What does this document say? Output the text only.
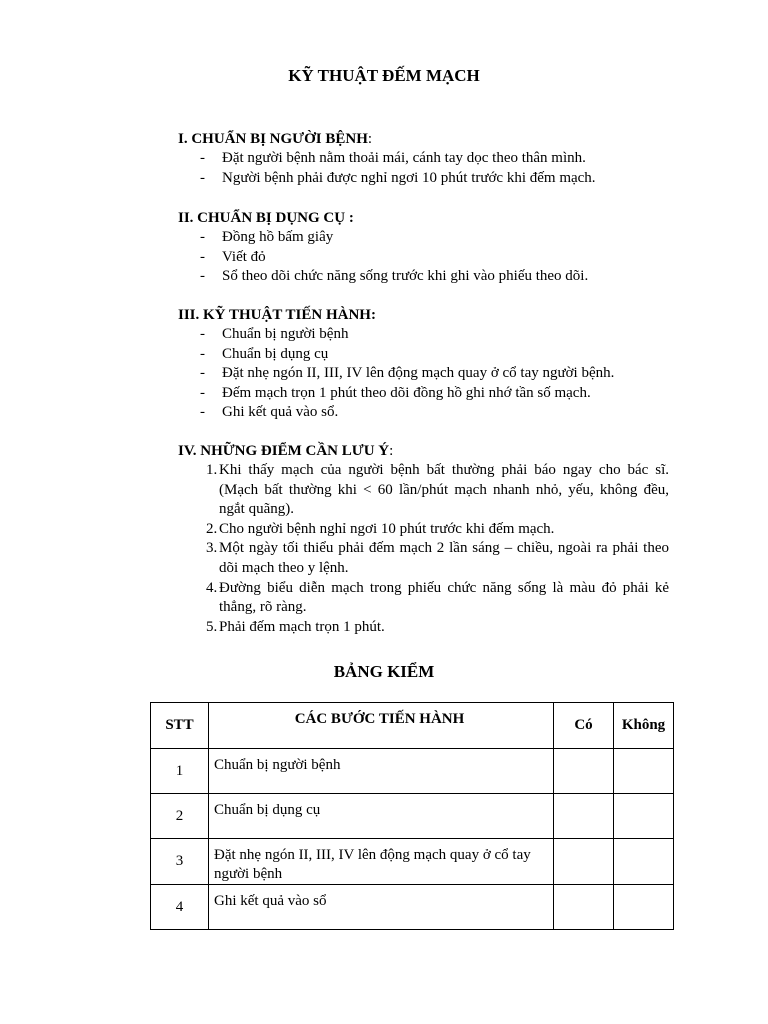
KỸ THUẬT ĐẾM MẠCH
I. CHUẨN BỊ NGƯỜI BỆNH:
- Đặt người bệnh nằm thoải mái, cánh tay dọc theo thân mình.
- Người bệnh phải được nghỉ ngơi 10 phút trước khi đếm mạch.
II. CHUẨN BỊ DỤNG CỤ :
- Đồng hồ bấm giây
- Viết đỏ
- Sổ theo dõi chức năng sống trước khi ghi vào phiếu theo dõi.
III. KỸ THUẬT TIẾN HÀNH:
- Chuẩn bị người bệnh
- Chuẩn bị dụng cụ
- Đặt nhẹ ngón II, III, IV lên động mạch quay ở cổ tay người bệnh.
- Đếm mạch trọn 1 phút theo dõi đồng hồ ghi nhớ tần số mạch.
- Ghi kết quả vào sổ.
IV. NHỮNG ĐIỂM CẦN LƯU Ý:
1. Khi thấy mạch của người bệnh bất thường phải báo ngay cho bác sĩ. (Mạch bất thường khi < 60 lần/phút mạch nhanh nhỏ, yếu, không đều, ngắt quãng).
2. Cho người bệnh nghỉ ngơi 10 phút trước khi đếm mạch.
3. Một ngày tối thiểu phải đếm mạch 2 lần sáng – chiều, ngoài ra phải theo dõi mạch theo y lệnh.
4. Đường biểu diễn mạch trong phiếu chức năng sống là màu đỏ phải kẻ thẳng, rõ ràng.
5. Phải đếm mạch trọn 1 phút.
BẢNG KIỂM
STT	CÁC BƯỚC TIẾN HÀNH	Có	Không
1	Chuẩn bị người bệnh		
2	Chuẩn bị dụng cụ		
3	Đặt nhẹ ngón II, III, IV lên động mạch quay ở cổ tay người bệnh		
4	Ghi kết quả vào sổ		
